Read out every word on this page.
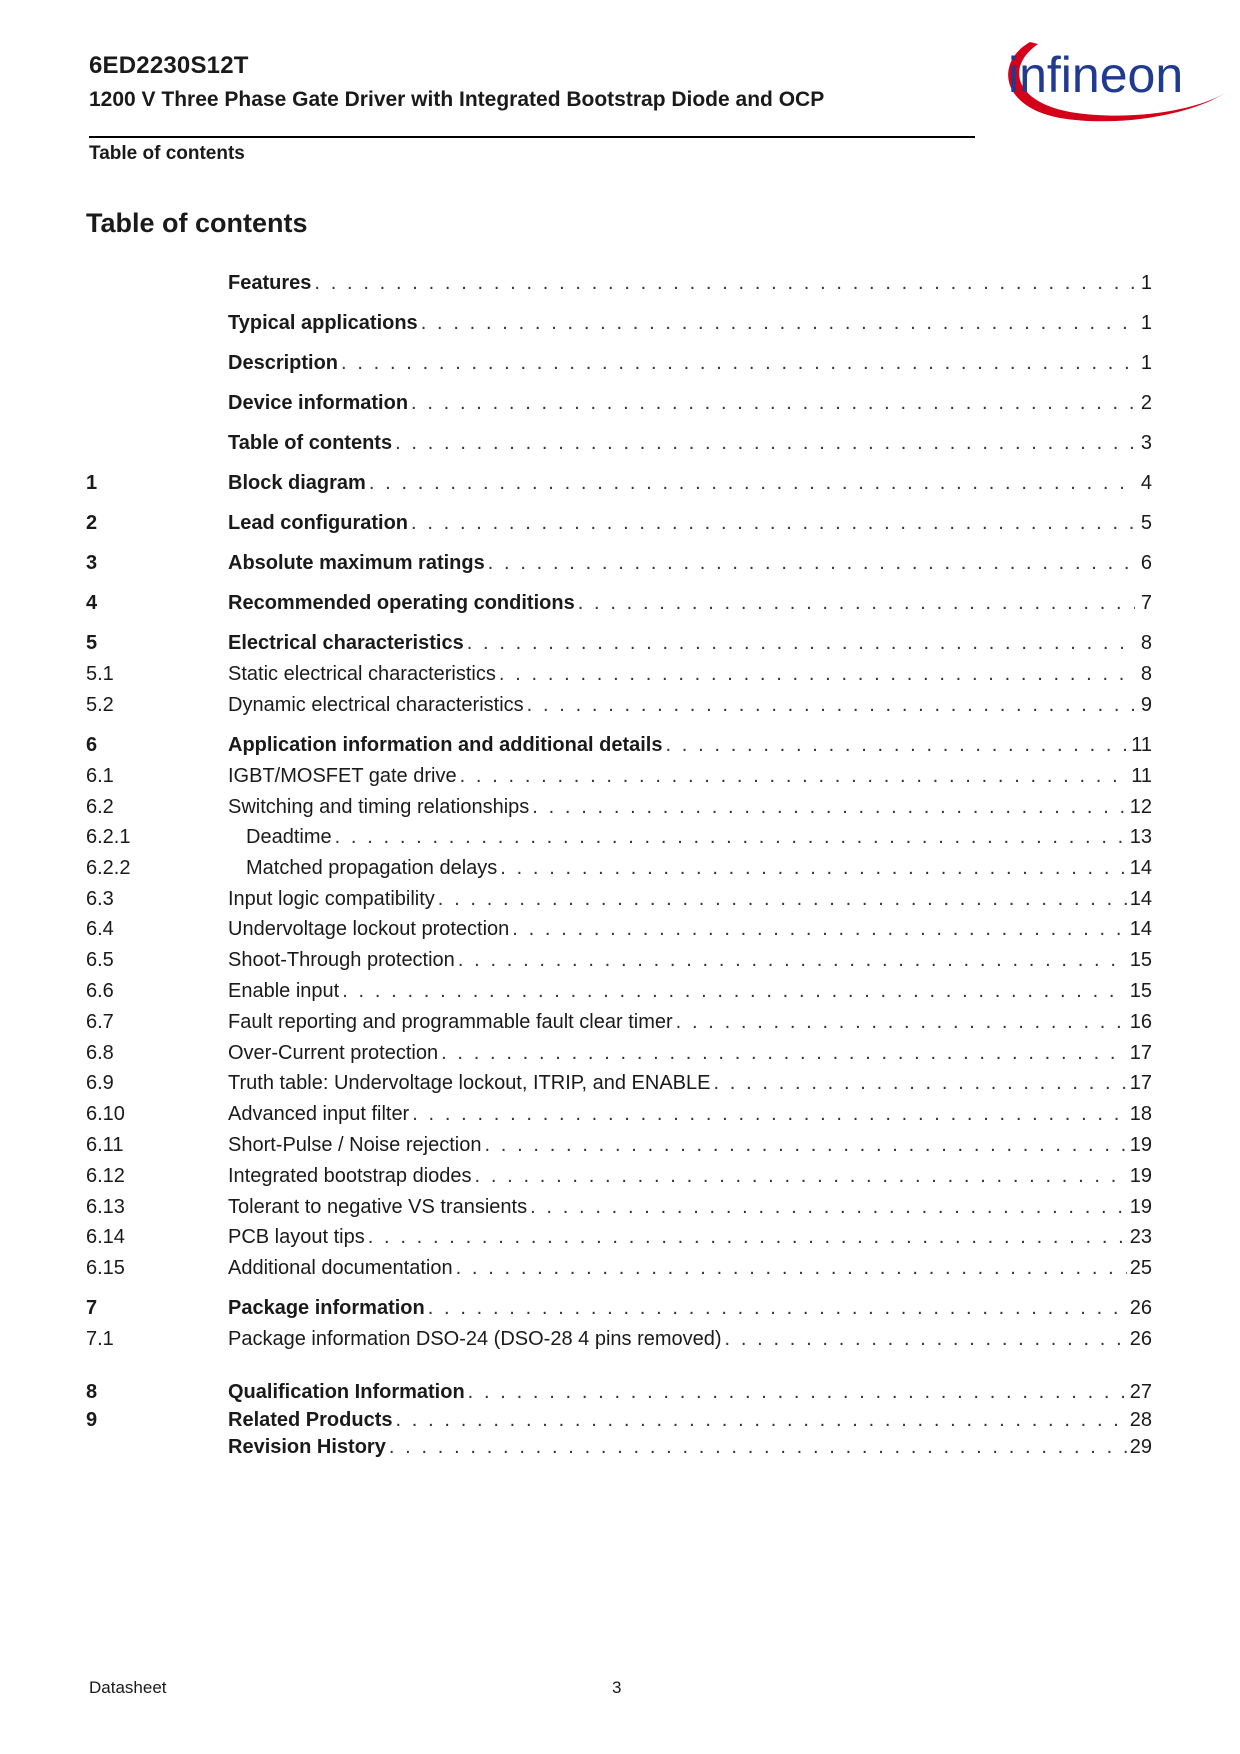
6ED2230S12T
1200 V Three Phase Gate Driver with Integrated Bootstrap Diode and OCP
Table of contents
infineon
Table of contents
Features . . .	1
Typical applications . . .	1
Description . . .	1
Device information . . .	2
Table of contents . . .	3
1	Block diagram . . .	4
2	Lead configuration . . .	5
3	Absolute maximum ratings . . .	6
4	Recommended operating conditions . . .	7
5	Electrical characteristics . . .	8
5.1	Static electrical characteristics . . .	8
5.2	Dynamic electrical characteristics . . .	9
6	Application information and additional details . . .	11
6.1	IGBT/MOSFET gate drive . . .	11
6.2	Switching and timing relationships . . .	12
6.2.1	Deadtime . . .	13
6.2.2	Matched propagation delays . . .	14
6.3	Input logic compatibility . . .	14
6.4	Undervoltage lockout protection . . .	14
6.5	Shoot-Through protection . . .	15
6.6	Enable input . . .	15
6.7	Fault reporting and programmable fault clear timer . . .	16
6.8	Over-Current protection . . .	17
6.9	Truth table: Undervoltage lockout, ITRIP, and ENABLE . . .	17
6.10	Advanced input filter . . .	18
6.11	Short-Pulse / Noise rejection . . .	19
6.12	Integrated bootstrap diodes . . .	19
6.13	Tolerant to negative VS transients . . .	19
6.14	PCB layout tips . . .	23
6.15	Additional documentation . . .	25
7	Package information . . .	26
7.1	Package information DSO-24 (DSO-28 4 pins removed) . . .	26
8	Qualification Information . . .	27
9	Related Products . . .	28
Revision History . . .	29
Datasheet	3
